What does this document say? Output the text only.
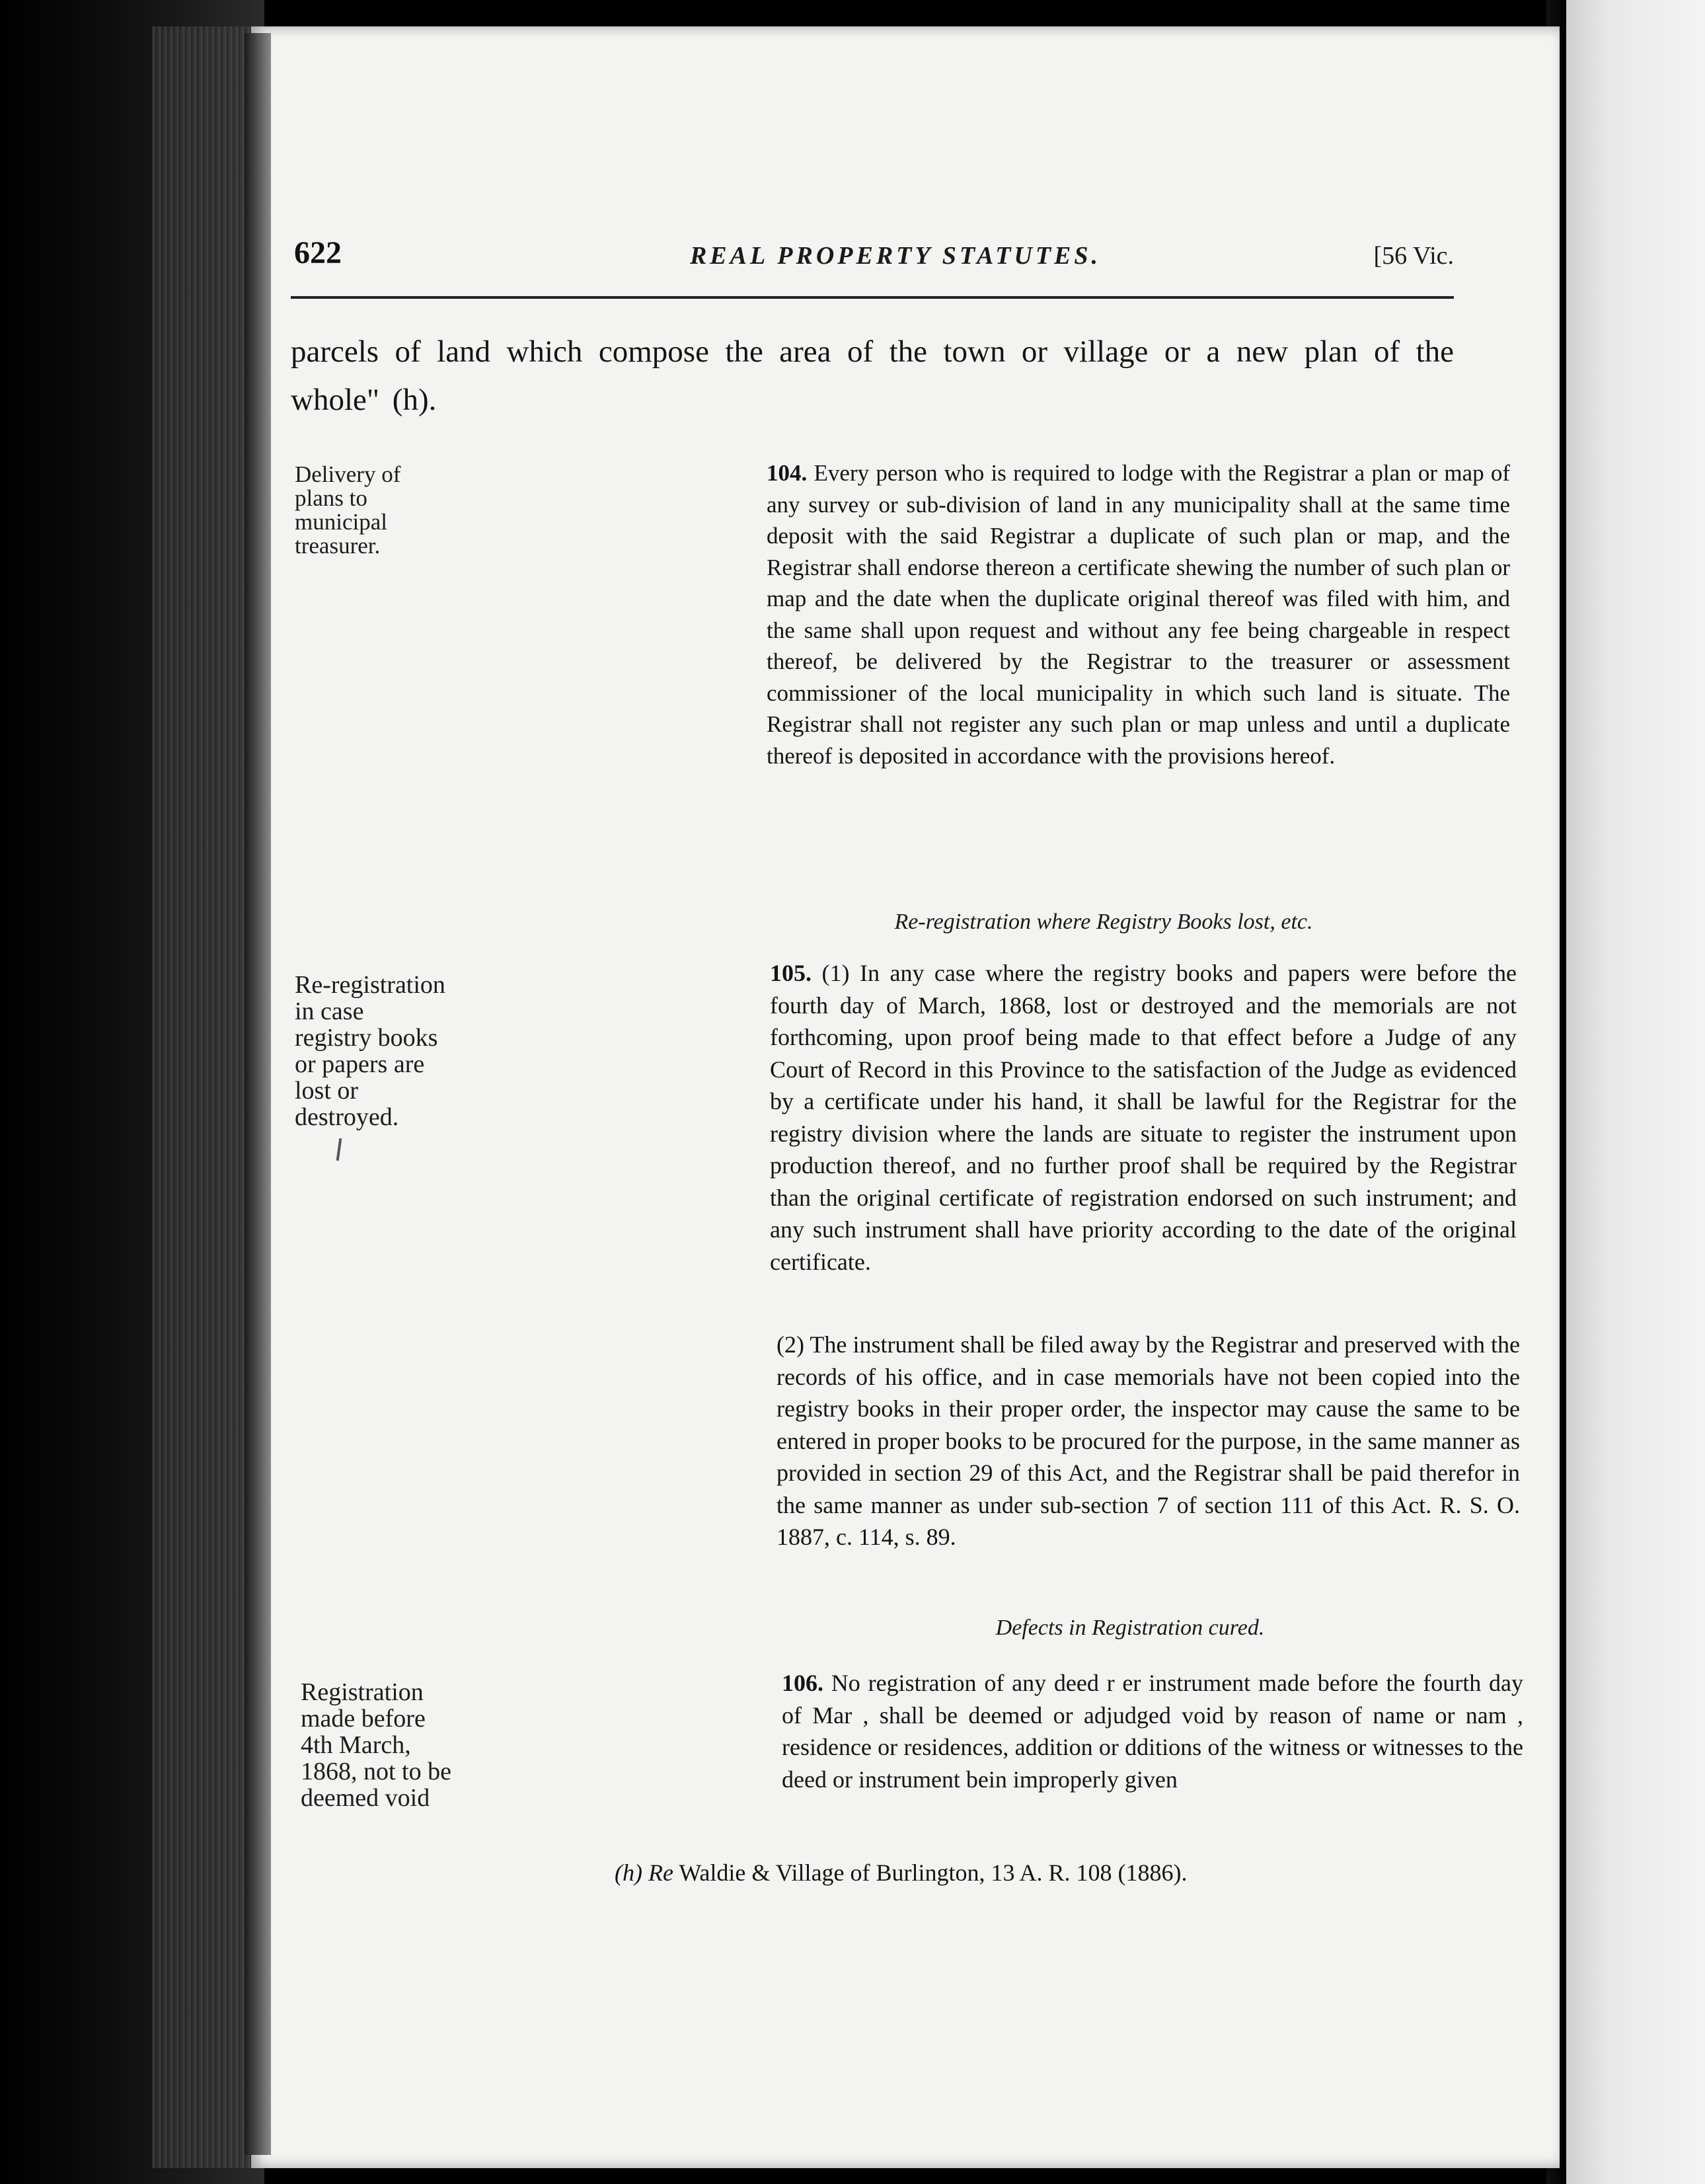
622	REAL PROPERTY STATUTES.	[56 Vic.
parcels of land which compose the area of the town or village or a new plan of the whole" (h).
Delivery of plans to municipal treasurer.
104. Every person who is required to lodge with the Registrar a plan or map of any survey or sub-division of land in any municipality shall at the same time deposit with the said Registrar a duplicate of such plan or map, and the Registrar shall endorse thereon a certificate shewing the number of such plan or map and the date when the duplicate original thereof was filed with him, and the same shall upon request and without any fee being chargeable in respect thereof, be delivered by the Registrar to the treasurer or assessment commissioner of the local municipality in which such land is situate. The Registrar shall not register any such plan or map unless and until a duplicate thereof is deposited in accordance with the provisions hereof.
Re-registration where Registry Books lost, etc.
Re-registration in case registry books or papers are lost or destroyed.
105. (1) In any case where the registry books and papers were before the fourth day of March, 1868, lost or destroyed and the memorials are not forthcoming, upon proof being made to that effect before a Judge of any Court of Record in this Province to the satisfaction of the Judge as evidenced by a certificate under his hand, it shall be lawful for the Registrar for the registry division where the lands are situate to register the instrument upon production thereof, and no further proof shall be required by the Registrar than the original certificate of registration endorsed on such instrument; and any such instrument shall have priority according to the date of the original certificate.
(2) The instrument shall be filed away by the Registrar and preserved with the records of his office, and in case memorials have not been copied into the registry books in their proper order, the inspector may cause the same to be entered in proper books to be procured for the purpose, in the same manner as provided in section 29 of this Act, and the Registrar shall be paid therefor in the same manner as under sub-section 7 of section 111 of this Act. R. S. O. 1887, c. 114, s. 89.
Defects in Registration cured.
Registration made before 4th March, 1868, not to be deemed void
106. No registration of any deed r er instrument made before the fourth day of Mar , shall be deemed or adjudged void by reason of name or nam , residence or residences, addition or dditions of the witness or witnesses to the deed or instrument bein improperly given
(h) Re Waldie & Village of Burlington, 13 A. R. 108 (1886).
